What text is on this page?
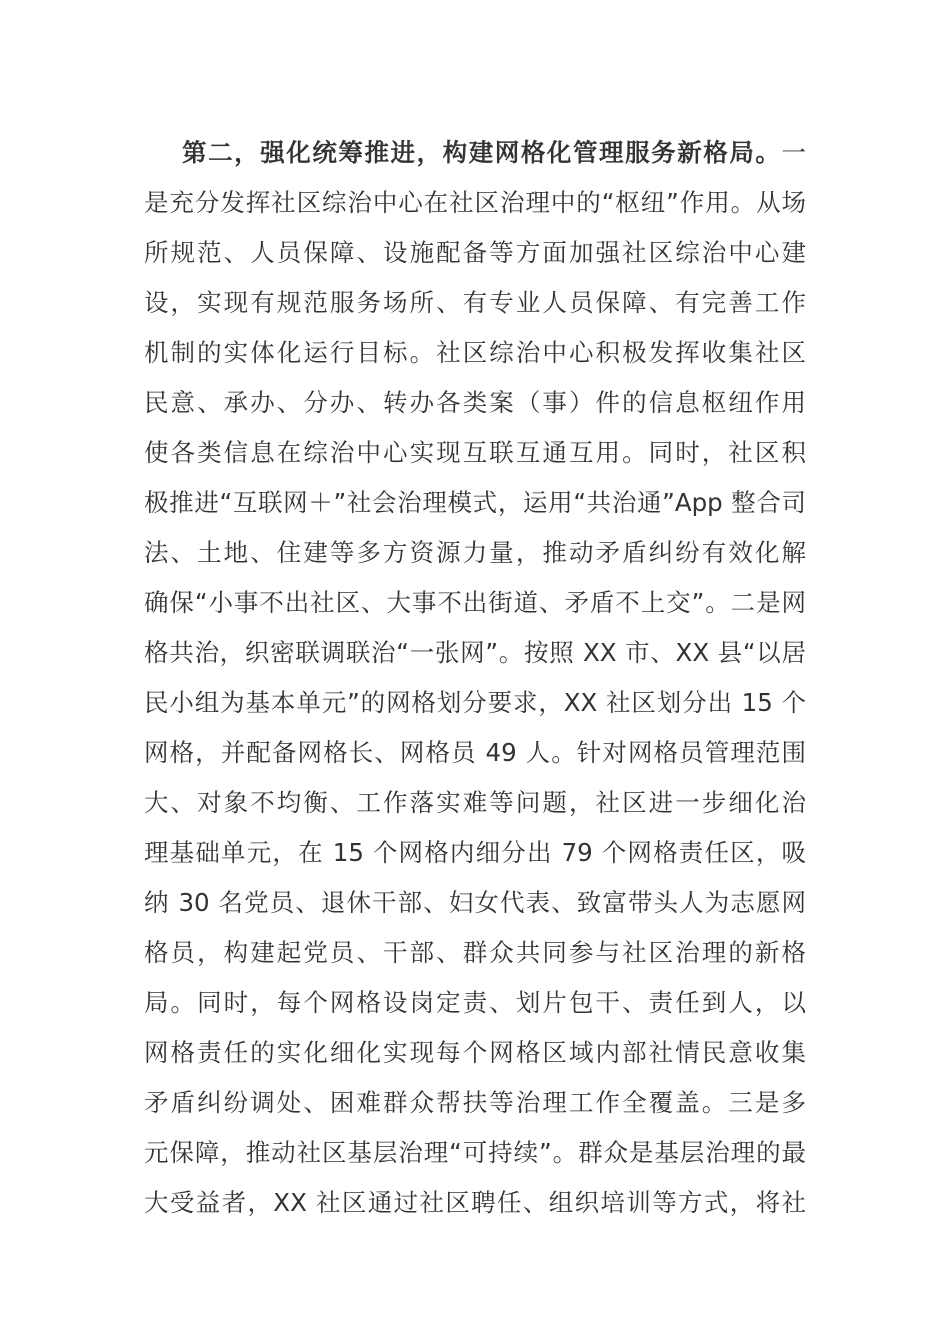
第二，强化统筹推进，构建网格化管理服务新格局。一
是充分发挥社区综治中心在社区治理中的“枢纽”作用。从场
所规范、人员保障、设施配备等方面加强社区综治中心建
设，实现有规范服务场所、有专业人员保障、有完善工作
机制的实体化运行目标。社区综治中心积极发挥收集社区
民意、承办、分办、转办各类案（事）件的信息枢纽作用
使各类信息在综治中心实现互联互通互用。同时，社区积
极推进“互联网＋”社会治理模式，运用“共治通”App 整合司
法、土地、住建等多方资源力量，推动矛盾纠纷有效化解
确保“小事不出社区、大事不出街道、矛盾不上交”。二是网
格共治，织密联调联治“一张网”。按照 XX 市、XX 县“以居
民小组为基本单元”的网格划分要求，XX 社区划分出 15 个
网格，并配备网格长、网格员 49 人。针对网格员管理范围
大、对象不均衡、工作落实难等问题，社区进一步细化治
理基础单元，在 15 个网格内细分出 79 个网格责任区，吸
纳 30 名党员、退休干部、妇女代表、致富带头人为志愿网
格员，构建起党员、干部、群众共同参与社区治理的新格
局。同时，每个网格设岗定责、划片包干、责任到人，以
网格责任的实化细化实现每个网格区域内部社情民意收集
矛盾纠纷调处、困难群众帮扶等治理工作全覆盖。三是多
元保障，推动社区基层治理“可持续”。群众是基层治理的最
大受益者，XX 社区通过社区聘任、组织培训等方式，将社
